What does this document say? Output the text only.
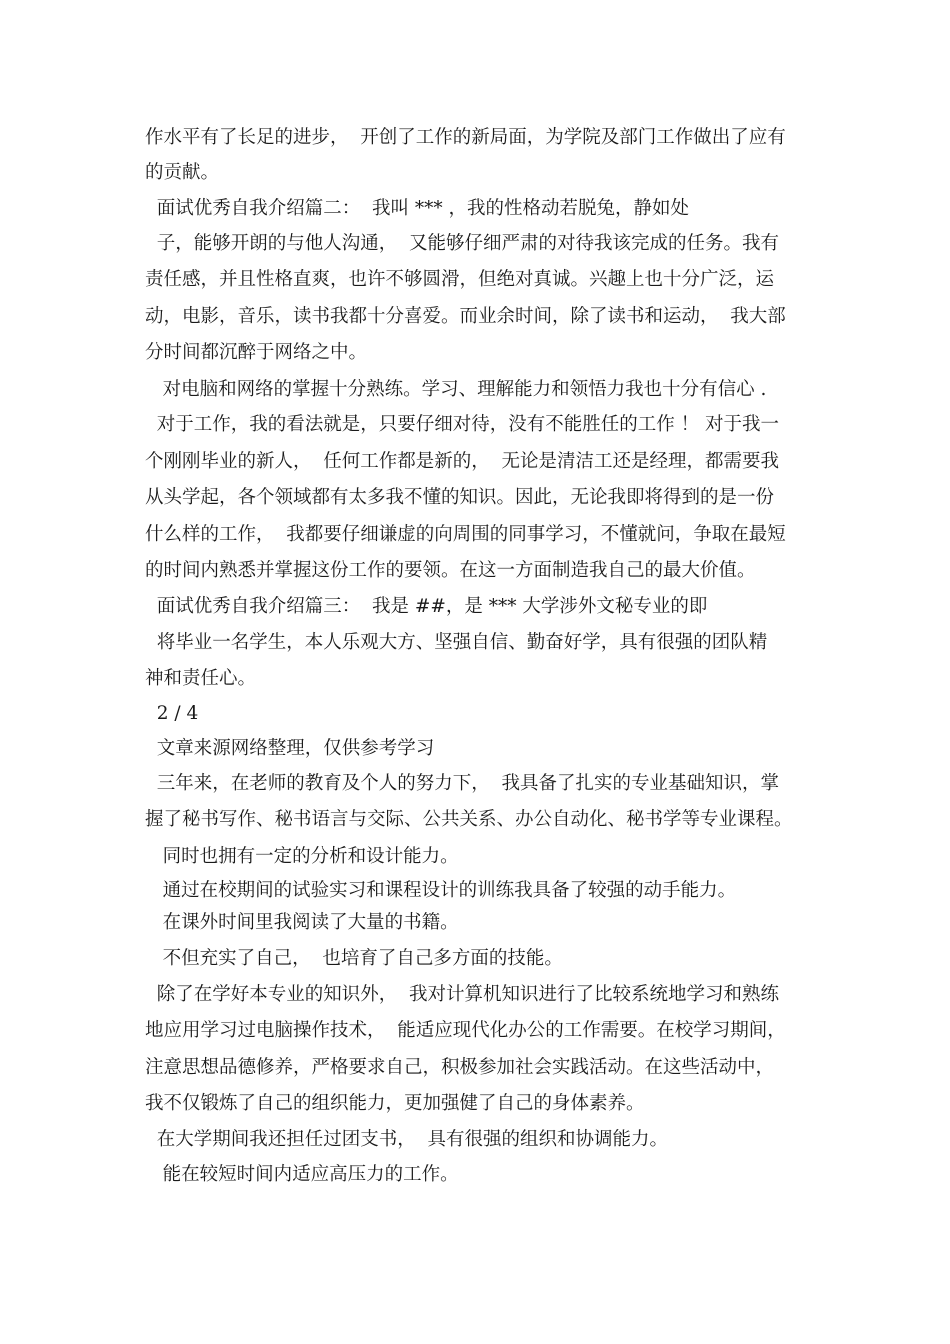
作水平有了长足的进步，  开创了工作的新局面，为学院及部门工作做出了应有

的贡献。

面试优秀自我介绍篇二：  我叫 *** ，我的性格动若脱兔，静如处

子，能够开朗的与他人沟通，  又能够仔细严肃的对待我该完成的任务。我有

责任感，并且性格直爽，也许不够圆滑，但绝对真诚。兴趣上也十分广泛，运

动，电影，音乐，读书我都十分喜爱。而业余时间，除了读书和运动，  我大部

分时间都沉醉于网络之中。

对电脑和网络的掌握十分熟练。学习、理解能力和领悟力我也十分有信心 .

对于工作，我的看法就是，只要仔细对待，没有不能胜任的工作 ！ 对于我一

个刚刚毕业的新人，  任何工作都是新的，  无论是清洁工还是经理，都需要我

从头学起，各个领域都有太多我不懂的知识。因此，无论我即将得到的是一份

什么样的工作，  我都要仔细谦虚的向周围的同事学习，不懂就问，争取在最短

的时间内熟悉并掌握这份工作的要领。在这一方面制造我自己的最大价值。

面试优秀自我介绍篇三：  我是 ##，是 *** 大学涉外文秘专业的即

将毕业一名学生，本人乐观大方、坚强自信、勤奋好学，具有很强的团队精

神和责任心。

2 / 4

文章来源网络整理，仅供参考学习

三年来，在老师的教育及个人的努力下，  我具备了扎实的专业基础知识，掌

握了秘书写作、秘书语言与交际、公共关系、办公自动化、秘书学等专业课程。

同时也拥有一定的分析和设计能力。

通过在校期间的试验实习和课程设计的训练我具备了较强的动手能力。

在课外时间里我阅读了大量的书籍。

不但充实了自己，  也培育了自己多方面的技能。

除了在学好本专业的知识外，  我对计算机知识进行了比较系统地学习和熟练

地应用学习过电脑操作技术，  能适应现代化办公的工作需要。在校学习期间，

注意思想品德修养，严格要求自己，积极参加社会实践活动。在这些活动中，

我不仅锻炼了自己的组织能力，更加强健了自己的身体素养。

在大学期间我还担任过团支书，  具有很强的组织和协调能力。

能在较短时间内适应高压力的工作。
